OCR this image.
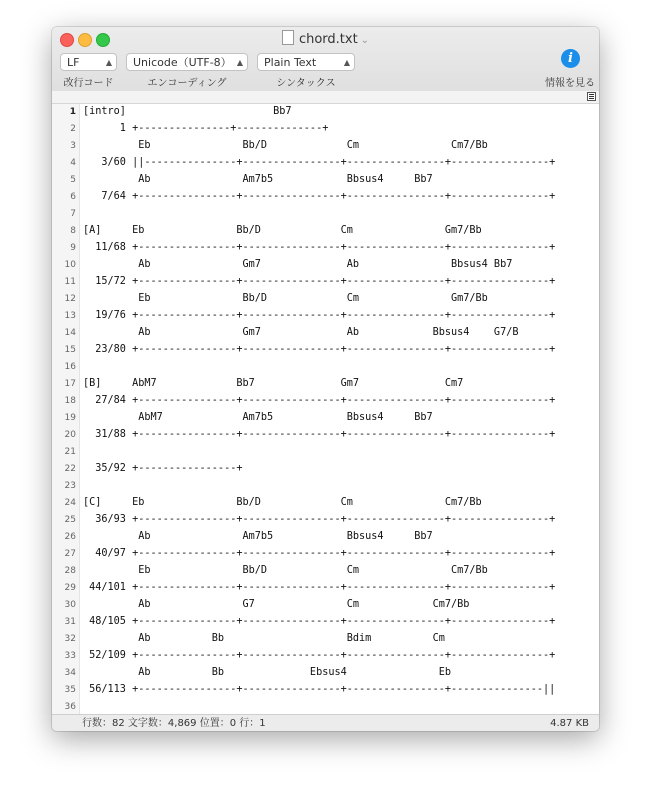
chord.txt ⌄
LF	▲

改行コード
Unicode（UTF-8） ▲
エンコーディング
Plain Text	▲
シンタックス
i
情報を見る
1
2
3
4
5
6
7
8
9
10
11
12
13
14
15
16
17
18
19
20
21
22
23
24
25
26
27
28
29
30
31
32
33
34
35
36
[intro]                        Bb7
1 +---------------+--------------+
Eb               Bb/D             Cm               Cm7/Bb
3/60 ||---------------+----------------+----------------+----------------+
Ab               Am7b5            Bbsus4     Bb7
7/64 +----------------+----------------+----------------+----------------+
[A]     Eb               Bb/D             Cm               Gm7/Bb
11/68 +----------------+----------------+----------------+----------------+
Ab               Gm7              Ab               Bbsus4 Bb7
15/72 +----------------+----------------+----------------+----------------+
Eb               Bb/D             Cm               Gm7/Bb
19/76 +----------------+----------------+----------------+----------------+
Ab               Gm7              Ab            Bbsus4    G7/B
23/80 +----------------+----------------+----------------+----------------+
[B]     AbM7             Bb7              Gm7              Cm7
27/84 +----------------+----------------+----------------+----------------+
AbM7             Am7b5            Bbsus4     Bb7
31/88 +----------------+----------------+----------------+----------------+
35/92 +----------------+
[C]     Eb               Bb/D             Cm               Cm7/Bb
36/93 +----------------+----------------+----------------+----------------+
Ab               Am7b5            Bbsus4     Bb7
40/97 +----------------+----------------+----------------+----------------+
Eb               Bb/D             Cm               Cm7/Bb
44/101 +----------------+----------------+----------------+----------------+
Ab               G7               Cm            Cm7/Bb
48/105 +----------------+----------------+----------------+----------------+
Ab          Bb                    Bdim          Cm
52/109 +----------------+----------------+----------------+----------------+
Ab          Bb              Ebsus4               Eb
56/113 +----------------+----------------+----------------+---------------||
行数：82 文字数：4,869 位置：0 行：1	4.87 KB
